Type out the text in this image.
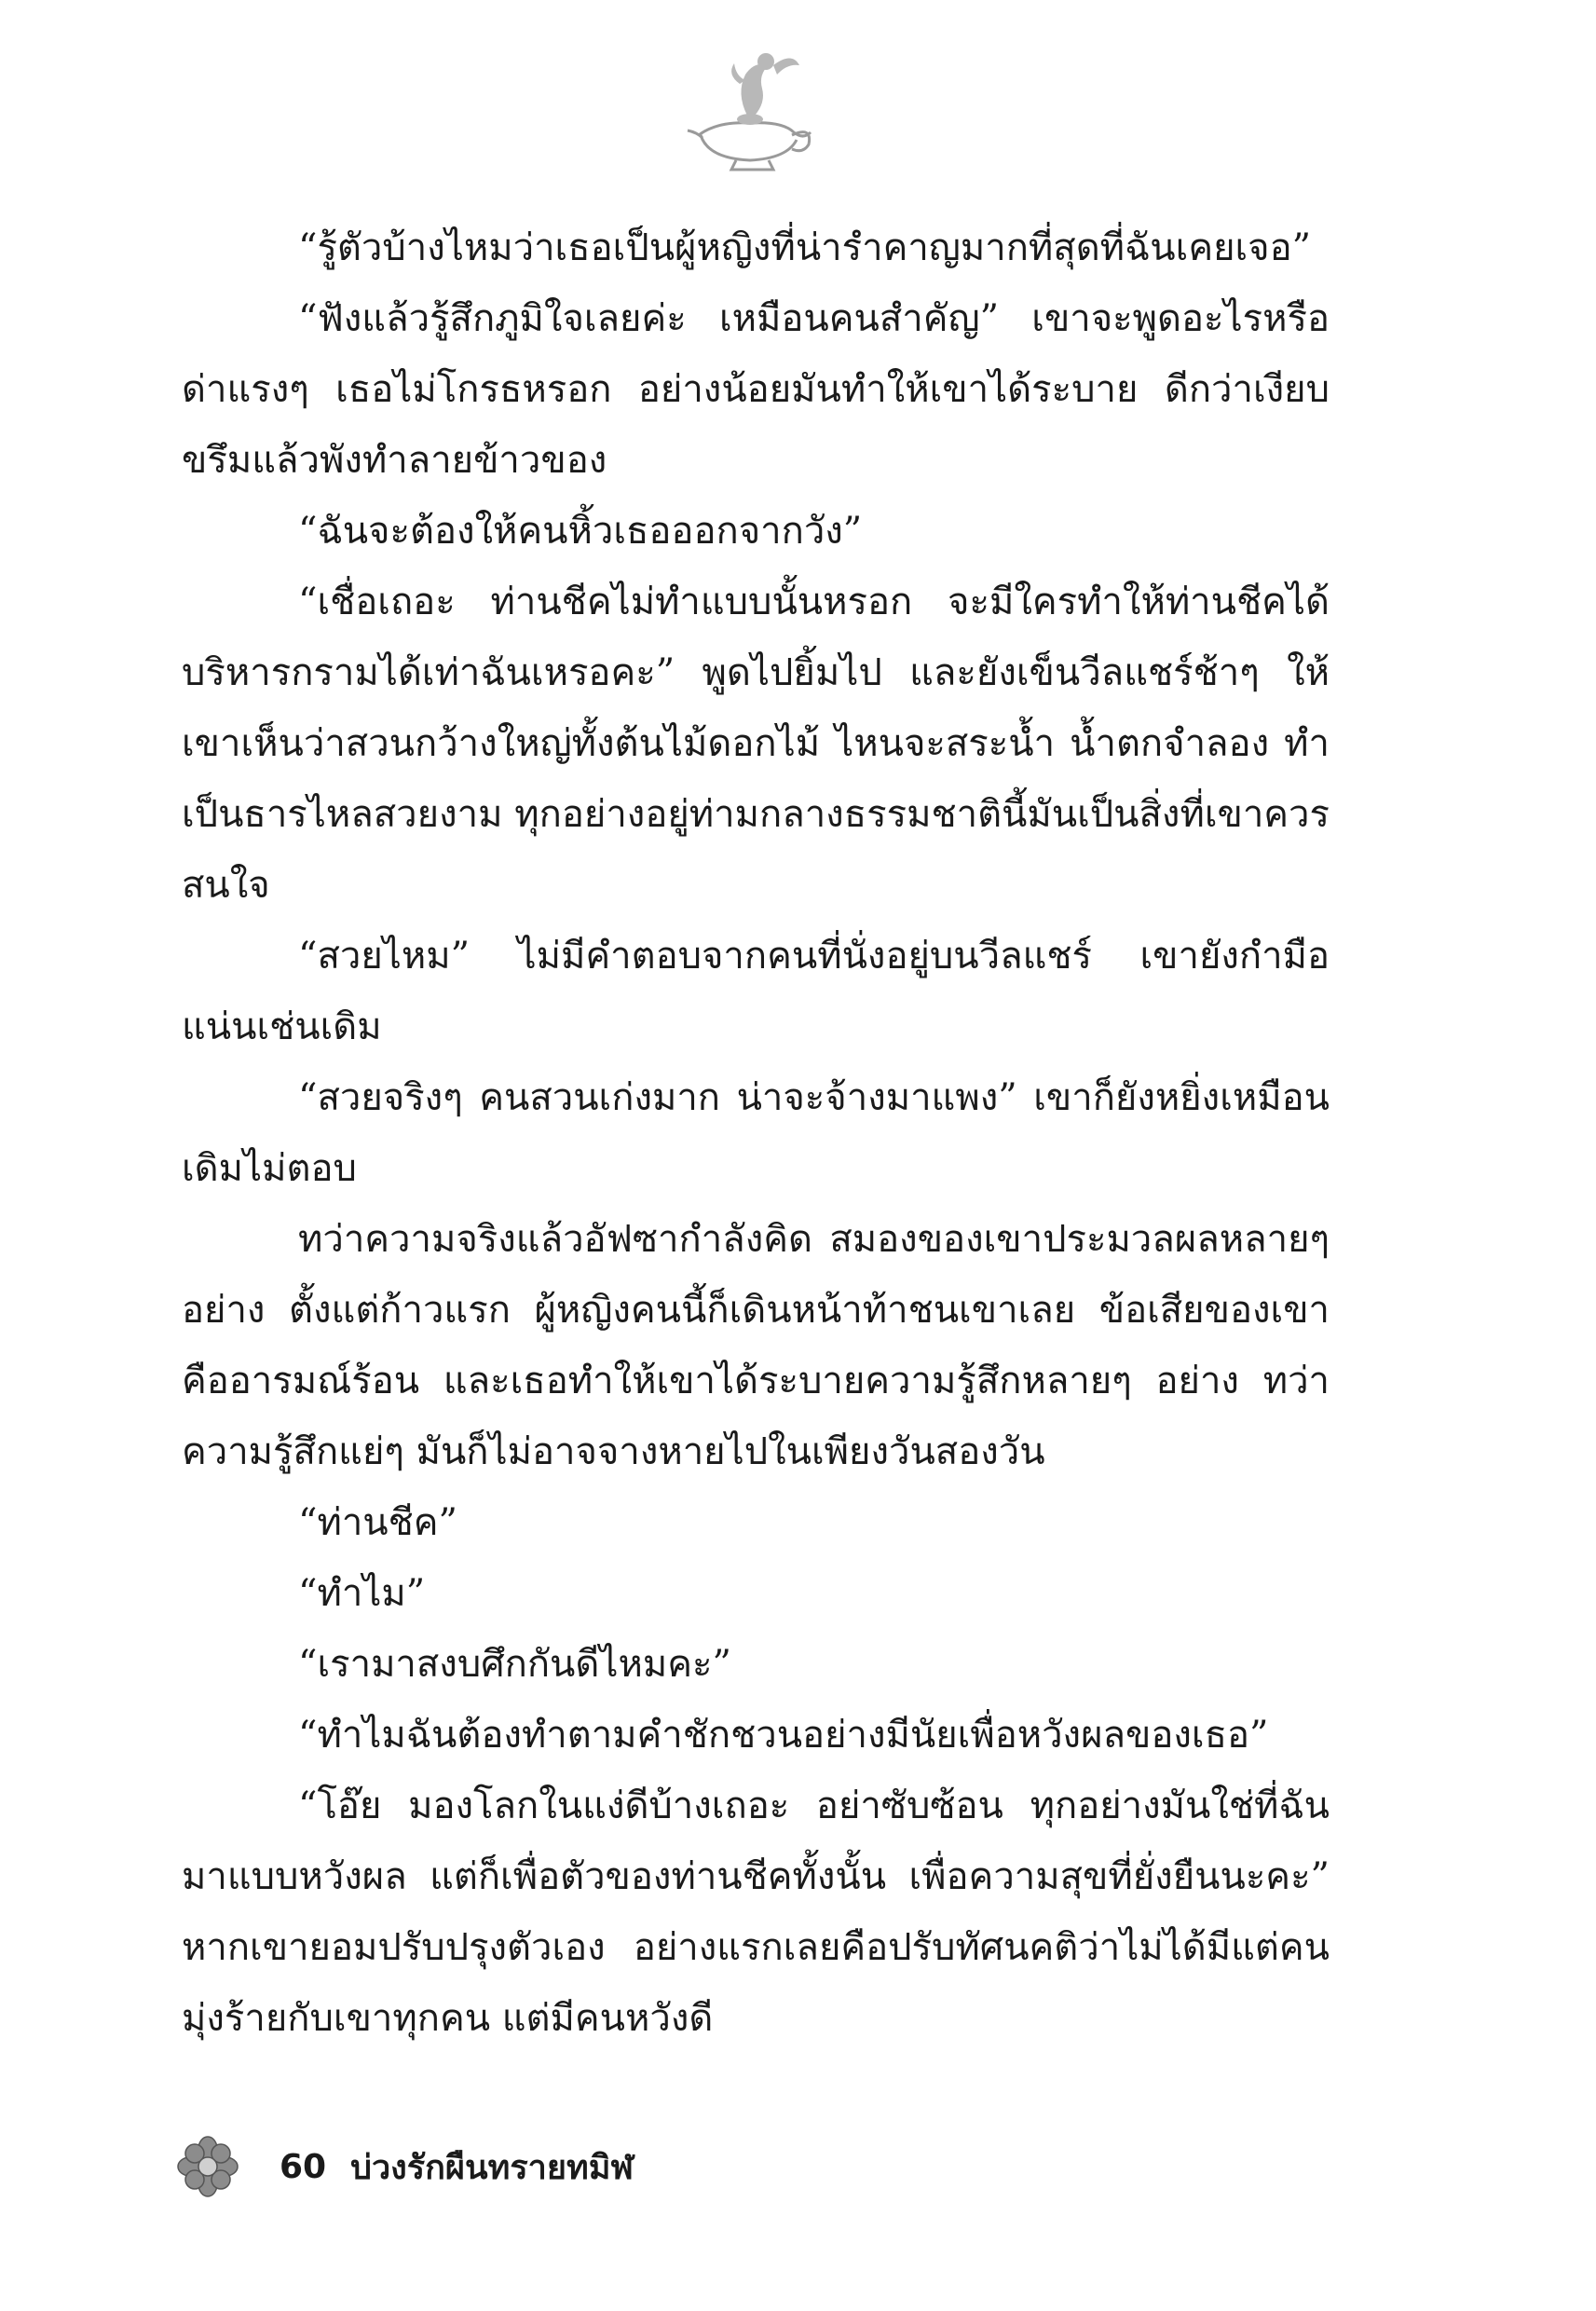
“รู้ตัวบ้างไหมว่าเธอเป็นผู้หญิงที่น่ารำคาญมากที่สุดที่ฉันเคยเจอ”

“ฟังแล้วรู้สึกภูมิใจเลยค่ะ เหมือนคนสำคัญ” เขาจะพูดอะไรหรือด่าแรงๆ เธอไม่โกรธหรอก อย่างน้อยมันทำให้เขาได้ระบาย ดีกว่าเงียบขรึมแล้วพังทำลายข้าวของ

“ฉันจะต้องให้คนหิ้วเธอออกจากวัง”

“เชื่อเถอะ ท่านชีคไม่ทำแบบนั้นหรอก จะมีใครทำให้ท่านชีคได้บริหารกรามได้เท่าฉันเหรอคะ” พูดไปยิ้มไป และยังเข็นวีลแชร์ช้าๆ ให้เขาเห็นว่าสวนกว้างใหญ่ทั้งต้นไม้ดอกไม้ ไหนจะสระน้ำ น้ำตกจำลอง ทำเป็นธารไหลสวยงาม ทุกอย่างอยู่ท่ามกลางธรรมชาตินี้มันเป็นสิ่งที่เขาควรสนใจ

“สวยไหม” ไม่มีคำตอบจากคนที่นั่งอยู่บนวีลแชร์ เขายังกำมือแน่นเช่นเดิม

“สวยจริงๆ คนสวนเก่งมาก น่าจะจ้างมาแพง” เขาก็ยังหยิ่งเหมือนเดิมไม่ตอบ

ทว่าความจริงแล้วอัฟซากำลังคิด สมองของเขาประมวลผลหลายๆ อย่าง ตั้งแต่ก้าวแรก ผู้หญิงคนนี้ก็เดินหน้าท้าชนเขาเลย ข้อเสียของเขาคืออารมณ์ร้อน และเธอทำให้เขาได้ระบายความรู้สึกหลายๆ อย่าง ทว่าความรู้สึกแย่ๆ มันก็ไม่อาจจางหายไปในเพียงวันสองวัน

“ท่านชีค”

“ทำไม”

“เรามาสงบศึกกันดีไหมคะ”

“ทำไมฉันต้องทำตามคำชักชวนอย่างมีนัยเพื่อหวังผลของเธอ”

“โอ๊ย มองโลกในแง่ดีบ้างเถอะ อย่าซับซ้อน ทุกอย่างมันใช่ที่ฉันมาแบบหวังผล แต่ก็เพื่อตัวของท่านชีคทั้งนั้น เพื่อความสุขที่ยั่งยืนนะคะ” หากเขายอมปรับปรุงตัวเอง อย่างแรกเลยคือปรับทัศนคติว่าไม่ได้มีแต่คนมุ่งร้ายกับเขาทุกคน แต่มีคนหวังดี

60 บ่วงรักผืนทรายทมิฬ
